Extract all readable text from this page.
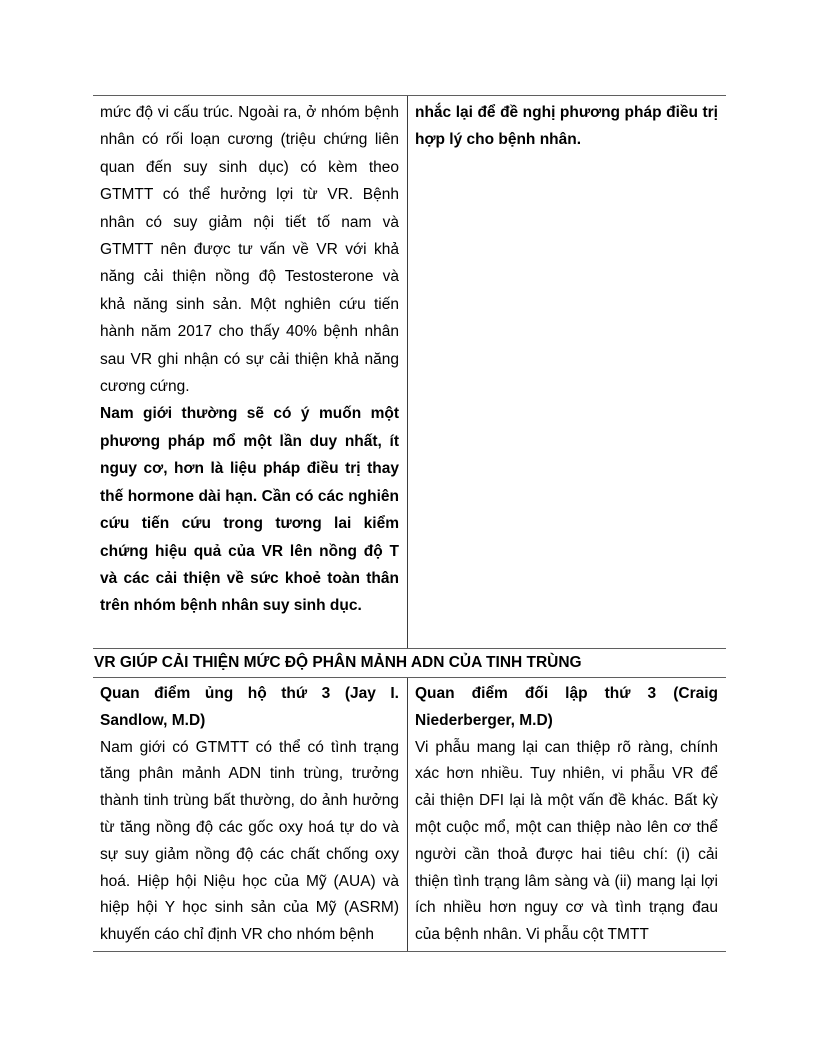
mức độ vi cấu trúc. Ngoài ra, ở nhóm bệnh nhân có rối loạn cương (triệu chứng liên quan đến suy sinh dục) có kèm theo GTMTT có thể hưởng lợi từ VR. Bệnh nhân có suy giảm nội tiết tố nam và GTMTT nên được tư vấn về VR với khả năng cải thiện nồng độ Testosterone và khả năng sinh sản. Một nghiên cứu tiến hành năm 2017 cho thấy 40% bệnh nhân sau VR ghi nhận có sự cải thiện khả năng cương cứng.

Nam giới thường sẽ có ý muốn một phương pháp mổ một lần duy nhất, ít nguy cơ, hơn là liệu pháp điều trị thay thế hormone dài hạn. Cần có các nghiên cứu tiến cứu trong tương lai kiểm chứng hiệu quả của VR lên nồng độ T và các cải thiện về sức khoẻ toàn thân trên nhóm bệnh nhân suy sinh dục.

nhắc lại để đề nghị phương pháp điều trị hợp lý cho bệnh nhân.

VR GIÚP CẢI THIỆN MỨC ĐỘ PHÂN MẢNH ADN CỦA TINH TRÙNG

Quan điểm ủng hộ thứ 3 (Jay I. Sandlow, M.D)

Nam giới có GTMTT có thể có tình trạng tăng phân mảnh ADN tinh trùng, trưởng thành tinh trùng bất thường, do ảnh hưởng từ tăng nồng độ các gốc oxy hoá tự do và sự suy giảm nồng độ các chất chống oxy hoá. Hiệp hội Niệu học của Mỹ (AUA) và hiệp hội Y học sinh sản của Mỹ (ASRM) khuyến cáo chỉ định VR cho nhóm bệnh

Quan điểm đối lập thứ 3 (Craig Niederberger, M.D)

Vi phẫu mang lại can thiệp rõ ràng, chính xác hơn nhiều. Tuy nhiên, vi phẫu VR để cải thiện DFI lại là một vấn đề khác. Bất kỳ một cuộc mổ, một can thiệp nào lên cơ thể người cần thoả được hai tiêu chí: (i) cải thiện tình trạng lâm sàng và (ii) mang lại lợi ích nhiều hơn nguy cơ và tình trạng đau của bệnh nhân. Vi phẫu cột TMTT
